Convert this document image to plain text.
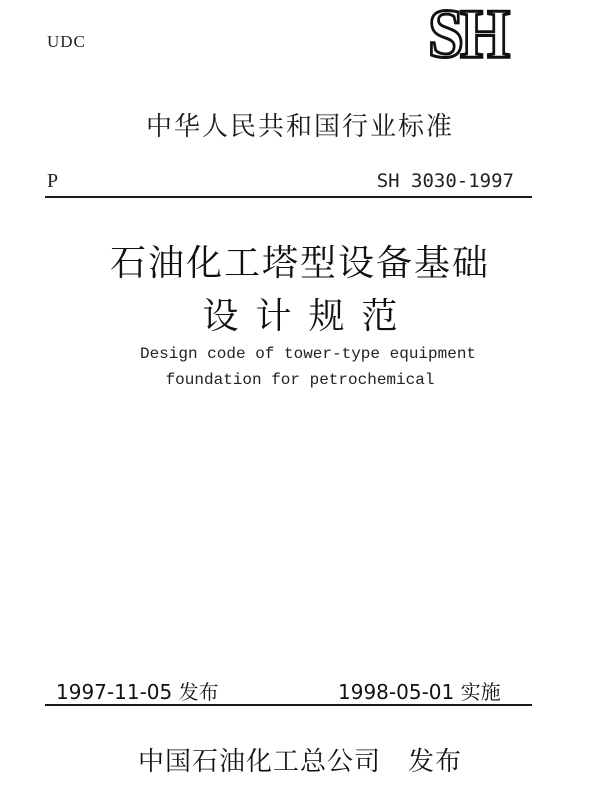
UDC	SH
中华人民共和国行业标准
P	SH 3030-1997
石油化工塔型设备基础
设计规范
Design code of tower-type equipment
foundation for petrochemical
1997-11-05 发布	1998-05-01 实施
中国石油化工总公司　发布
